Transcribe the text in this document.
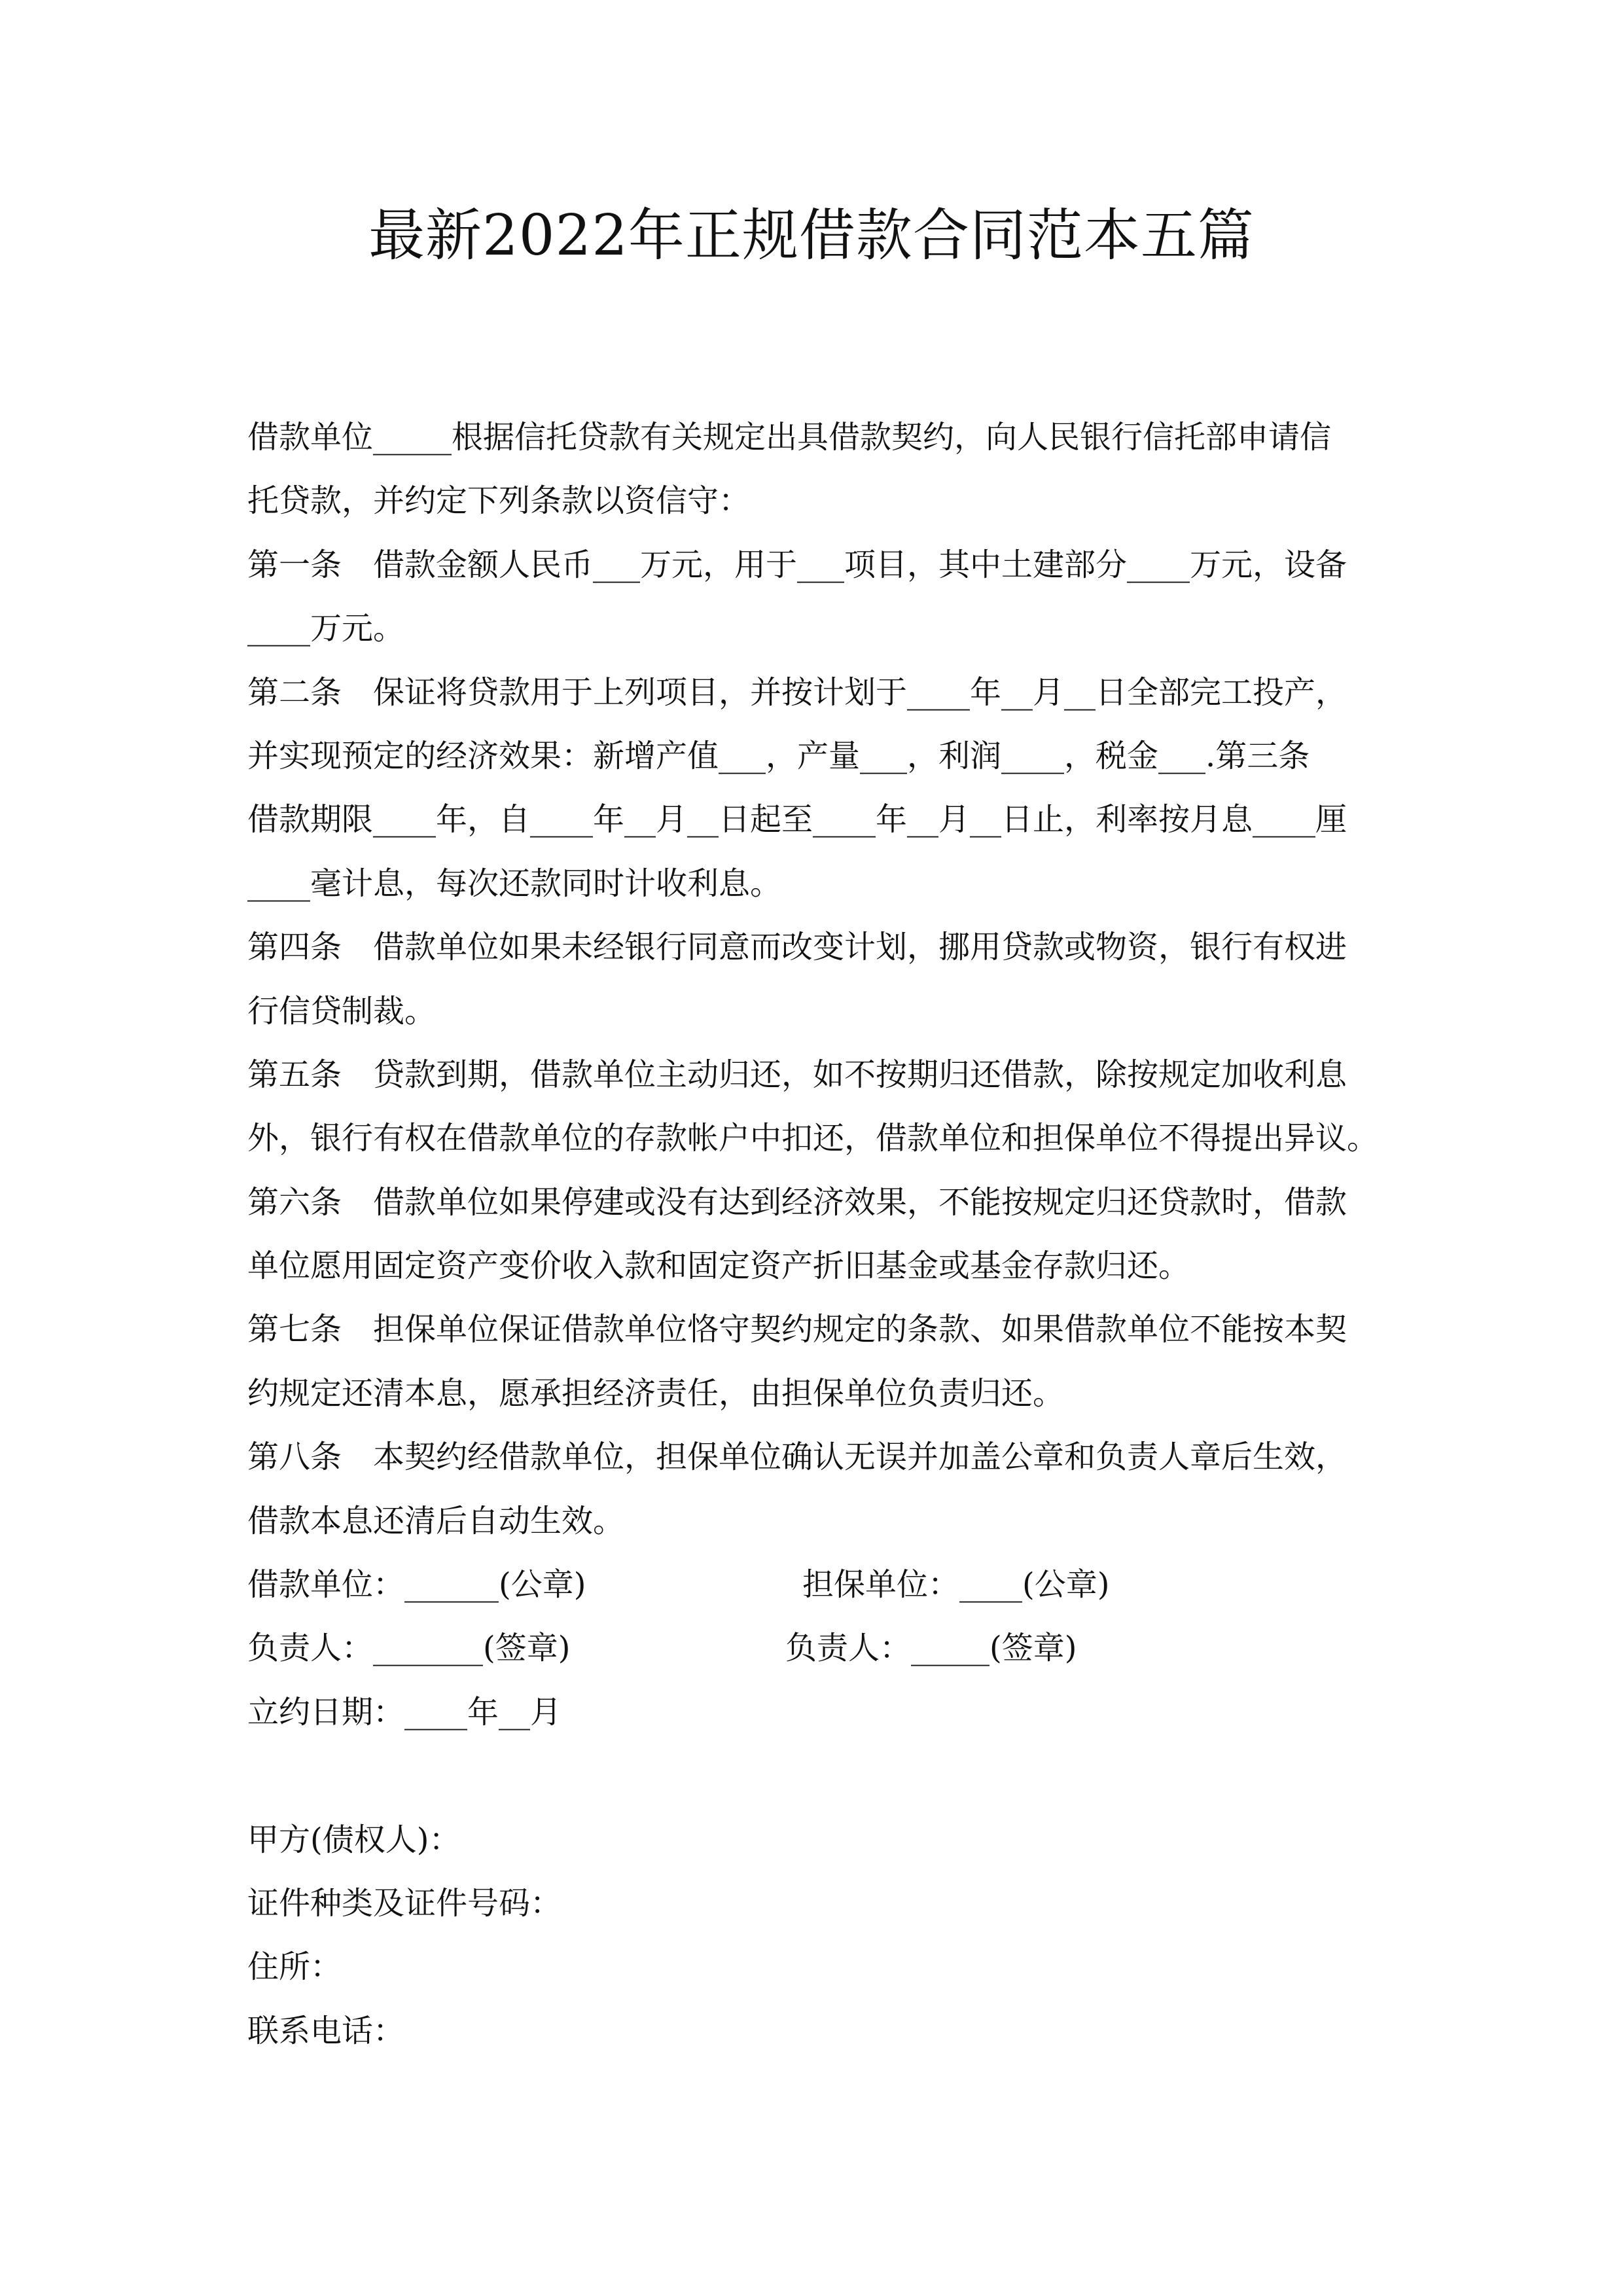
最新2022年正规借款合同范本五篇
借款单位_____根据信托贷款有关规定出具借款契约，向人民银行信托部申请信
托贷款，并约定下列条款以资信守：
第一条　借款金额人民币___万元，用于___项目，其中土建部分____万元，设备
____万元。
第二条　保证将贷款用于上列项目，并按计划于____年__月__日全部完工投产，
并实现预定的经济效果：新增产值___，产量___，利润____，税金___.第三条
借款期限____年，自____年__月__日起至____年__月__日止，利率按月息____厘
____毫计息，每次还款同时计收利息。
第四条　借款单位如果未经银行同意而改变计划，挪用贷款或物资，银行有权进
行信贷制裁。
第五条　贷款到期，借款单位主动归还，如不按期归还借款，除按规定加收利息
外，银行有权在借款单位的存款帐户中扣还，借款单位和担保单位不得提出异议。
第六条　借款单位如果停建或没有达到经济效果，不能按规定归还贷款时，借款
单位愿用固定资产变价收入款和固定资产折旧基金或基金存款归还。
第七条　担保单位保证借款单位恪守契约规定的条款、如果借款单位不能按本契
约规定还清本息，愿承担经济责任，由担保单位负责归还。
第八条　本契约经借款单位，担保单位确认无误并加盖公章和负责人章后生效，
借款本息还清后自动生效。
借款单位：______(公章)	担保单位：____(公章)
负责人：_______(签章)	负责人：_____(签章)
立约日期：____年__月
甲方(债权人)：
证件种类及证件号码：
住所：
联系电话：
